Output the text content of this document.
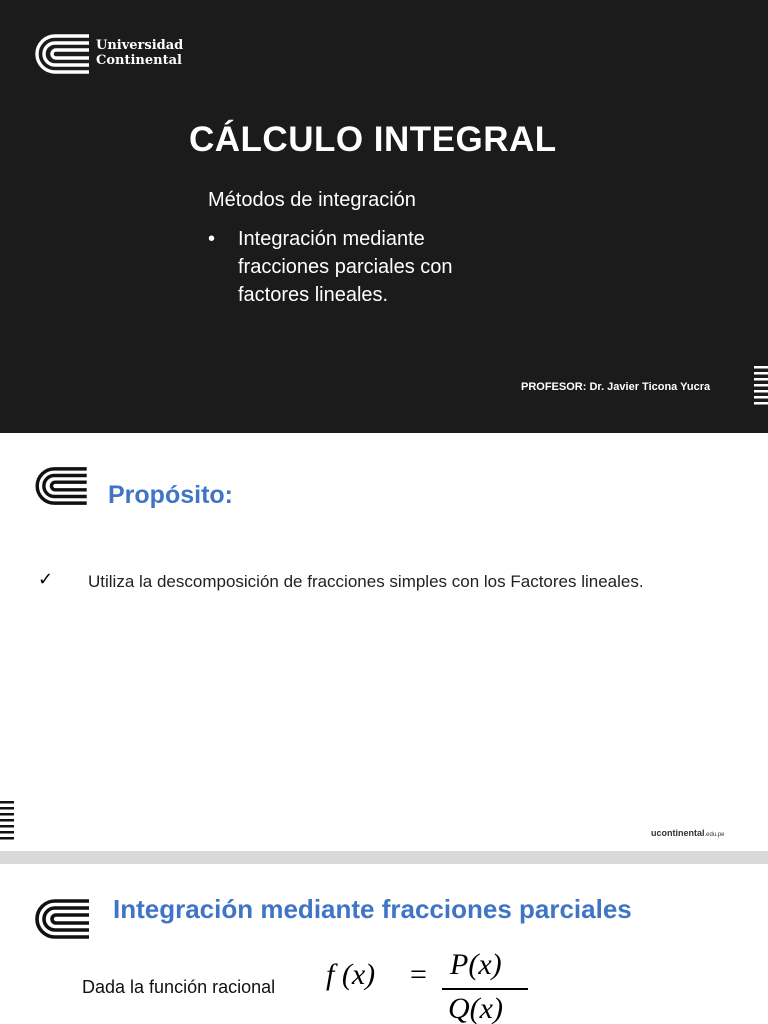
Universidad
Continental
CÁLCULO INTEGRAL
Métodos de integración
•	Integración mediante
fracciones parciales con
factores lineales.
PROFESOR: Dr. Javier Ticona Yucra
Propósito:
✓	Utiliza la descomposición de fracciones simples con los Factores lineales.
ucontinental.edu.pe
Integración mediante fracciones parciales
Dada la función racional f (x) = P(x)
Q(x)
